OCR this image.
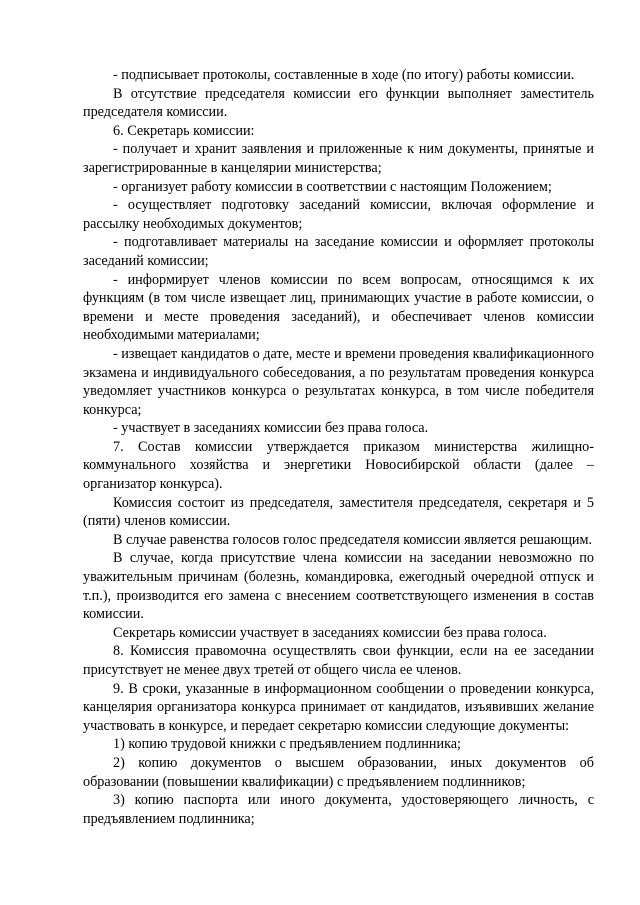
- подписывает протоколы, составленные в ходе (по итогу) работы комиссии.

В отсутствие председателя комиссии его функции выполняет заместитель председателя комиссии.

6. Секретарь комиссии:

- получает и хранит заявления и приложенные к ним документы, принятые и зарегистрированные в канцелярии министерства;

- организует работу комиссии в соответствии с настоящим Положением;

- осуществляет подготовку заседаний комиссии, включая оформление и рассылку необходимых документов;

- подготавливает материалы на заседание комиссии и оформляет протоколы заседаний комиссии;

- информирует членов комиссии по всем вопросам, относящимся к их функциям (в том числе извещает лиц, принимающих участие в работе комиссии, о времени и месте проведения заседаний), и обеспечивает членов комиссии необходимыми материалами;

- извещает кандидатов о дате, месте и времени проведения квалификационного экзамена и индивидуального собеседования, а по результатам проведения конкурса уведомляет участников конкурса о результатах конкурса, в том числе победителя конкурса;

- участвует в заседаниях комиссии без права голоса.

7. Состав комиссии утверждается приказом министерства жилищно-коммунального хозяйства и энергетики Новосибирской области (далее – организатор конкурса).

Комиссия состоит из председателя, заместителя председателя, секретаря и 5 (пяти) членов комиссии.

В случае равенства голосов голос председателя комиссии является решающим.

В случае, когда присутствие члена комиссии на заседании невозможно по уважительным причинам (болезнь, командировка, ежегодный очередной отпуск и т.п.), производится его замена с внесением соответствующего изменения в состав комиссии.

Секретарь комиссии участвует в заседаниях комиссии без права голоса.

8. Комиссия правомочна осуществлять свои функции, если на ее заседании присутствует не менее двух третей от общего числа ее членов.

9. В сроки, указанные в информационном сообщении о проведении конкурса, канцелярия организатора конкурса принимает от кандидатов, изъявивших желание участвовать в конкурсе, и передает секретарю комиссии следующие документы:

1) копию трудовой книжки с предъявлением подлинника;

2) копию документов о высшем образовании, иных документов об образовании (повышении квалификации) с предъявлением подлинников;

3) копию паспорта или иного документа, удостоверяющего личность, с предъявлением подлинника;
